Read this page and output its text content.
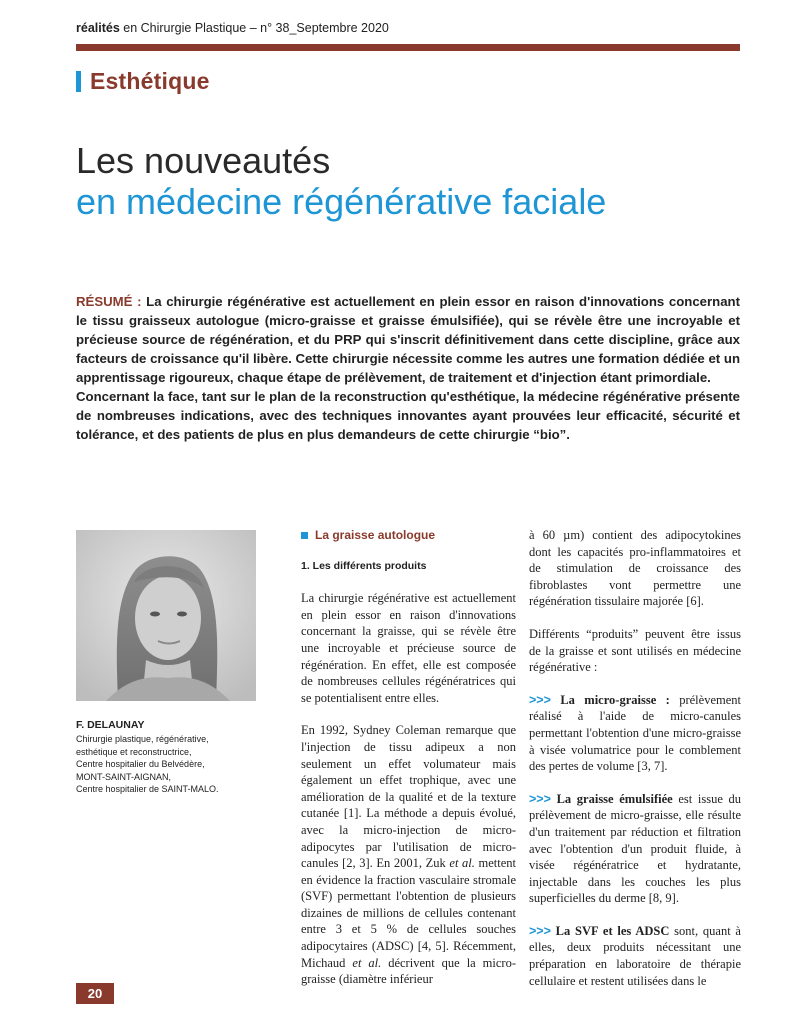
réalités en Chirurgie Plastique – n° 38_Septembre 2020
Esthétique
Les nouveautés
en médecine régénérative faciale

RÉSUMÉ : La chirurgie régénérative est actuellement en plein essor en raison d'innovations concernant le tissu graisseux autologue (micro-graisse et graisse émulsifiée), qui se révèle être une incroyable et précieuse source de régénération, et du PRP qui s'inscrit définitivement dans cette discipline, grâce aux facteurs de croissance qu'il libère. Cette chirurgie nécessite comme les autres une formation dédiée et un apprentissage rigoureux, chaque étape de prélèvement, de traitement et d'injection étant primordiale.

Concernant la face, tant sur le plan de la reconstruction qu'esthétique, la médecine régénérative présente de nombreuses indications, avec des techniques innovantes ayant prouvées leur efficacité, sécurité et tolérance, et des patients de plus en plus demandeurs de cette chirurgie “bio”.

F. DELAUNAY
Chirurgie plastique, régénérative,
esthétique et reconstructrice,
Centre hospitalier du Belvédère,
MONT-SAINT-AIGNAN,
Centre hospitalier de SAINT-MALO.
La graisse autologue
1. Les différents produits

La chirurgie régénérative est actuellement en plein essor en raison d'innovations concernant la graisse, qui se révèle être une incroyable et précieuse source de régénération. En effet, elle est composée de nombreuses cellules régénératrices qui se potentialisent entre elles.

En 1992, Sydney Coleman remarque que l'injection de tissu adipeux a non seulement un effet volumateur mais également un effet trophique, avec une amélioration de la qualité et de la texture cutanée [1]. La méthode a depuis évolué, avec la micro-injection de micro-adipocytes par l'utilisation de micro-canules [2, 3]. En 2001, Zuk et al. mettent en évidence la fraction vasculaire stromale (SVF) permettant l'obtention de plusieurs dizaines de millions de cellules contenant entre 3 et 5 % de cellules souches adipocytaires (ADSC) [4, 5]. Récemment, Michaud et al. décrivent que la micro-graisse (diamètre inférieur

à 60 µm) contient des adipocytokines dont les capacités pro-inflammatoires et de stimulation de croissance des fibroblastes vont permettre une régénération tissulaire majorée [6].

Différents “produits” peuvent être issus de la graisse et sont utilisés en médecine régénérative :

>>> La micro-graisse : prélèvement réalisé à l'aide de micro-canules permettant l'obtention d'une micro-graisse à visée volumatrice pour le comblement des pertes de volume [3, 7].

>>> La graisse émulsifiée est issue du prélèvement de micro-graisse, elle résulte d'un traitement par réduction et filtration avec l'obtention d'un produit fluide, à visée régénératrice et hydratante, injectable dans les couches les plus superficielles du derme [8, 9].

>>> La SVF et les ADSC sont, quant à elles, deux produits nécessitant une préparation en laboratoire de thérapie cellulaire et restent utilisées dans le

20
